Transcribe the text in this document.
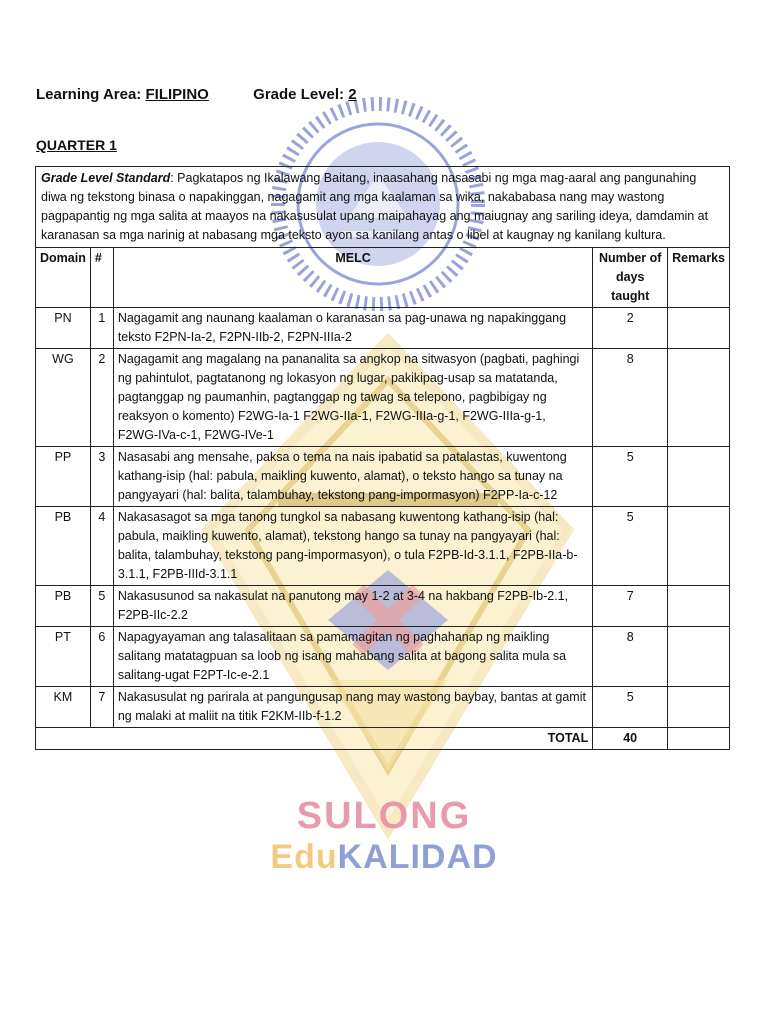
SULONG
EduKALIDAD
Learning Area: FILIPINO	Grade Level: 2
QUARTER 1
Grade Level Standard: Pagkatapos ng Ikalawang Baitang, inaasahang nasasabi ng mga mag-aaral ang pangunahing diwa ng tekstong binasa o napakinggan, nagagamit ang mga kaalaman sa wika, nakababasa nang may wastong pagpapantig ng mga salita at maayos na nakasusulat upang maipahayag ang maiugnay ang sariling ideya, damdamin at karanasan sa mga narinig at nabasang mga teksto ayon sa kanilang antas o libel at kaugnay ng kanilang kultura.				
Domain	#	MELC	Number of days taught	Remarks
PN	1	Nagagamit ang naunang kaalaman o karanasan sa pag-unawa ng napakinggang teksto F2PN-Ia-2, F2PN-IIb-2, F2PN-IIIa-2	2	
WG	2	Nagagamit ang magalang na pananalita sa angkop na sitwasyon (pagbati, paghingi ng pahintulot, pagtatanong ng lokasyon ng lugar, pakikipag-usap sa matatanda, pagtanggap ng paumanhin, pagtanggap ng tawag sa telepono, pagbibigay ng reaksyon o komento) F2WG-Ia-1 F2WG-IIa-1, F2WG-IIIa-g-1, F2WG-IIIa-g-1, F2WG-IVa-c-1, F2WG-IVe-1	8	
PP	3	Nasasabi ang mensahe, paksa o tema na nais ipabatid sa patalastas, kuwentong kathang-isip (hal: pabula, maikling kuwento, alamat), o teksto hango sa tunay na pangyayari (hal: balita, talambuhay, tekstong pang-impormasyon) F2PP-Ia-c-12	5	
PB	4	Nakasasagot sa mga tanong tungkol sa nabasang kuwentong kathang-isip (hal: pabula, maikling kuwento, alamat), tekstong hango sa tunay na pangyayari (hal: balita, talambuhay, tekstong pang-impormasyon), o tula F2PB-Id-3.1.1, F2PB-IIa-b-3.1.1, F2PB-IIId-3.1.1	5	
PB	5	Nakasusunod sa nakasulat na panutong may 1-2 at 3-4 na hakbang F2PB-Ib-2.1, F2PB-IIc-2.2	7	
PT	6	Napagyayaman ang talasalitaan sa pamamagitan ng paghahanap ng maikling salitang matatagpuan sa loob ng isang mahabang salita at bagong salita mula sa salitang-ugat F2PT-Ic-e-2.1	8	
KM	7	Nakasusulat ng parirala at pangungusap nang may wastong baybay, bantas at gamit ng malaki at maliit na titik F2KM-IIb-f-1.2	5	
TOTAL			40	
